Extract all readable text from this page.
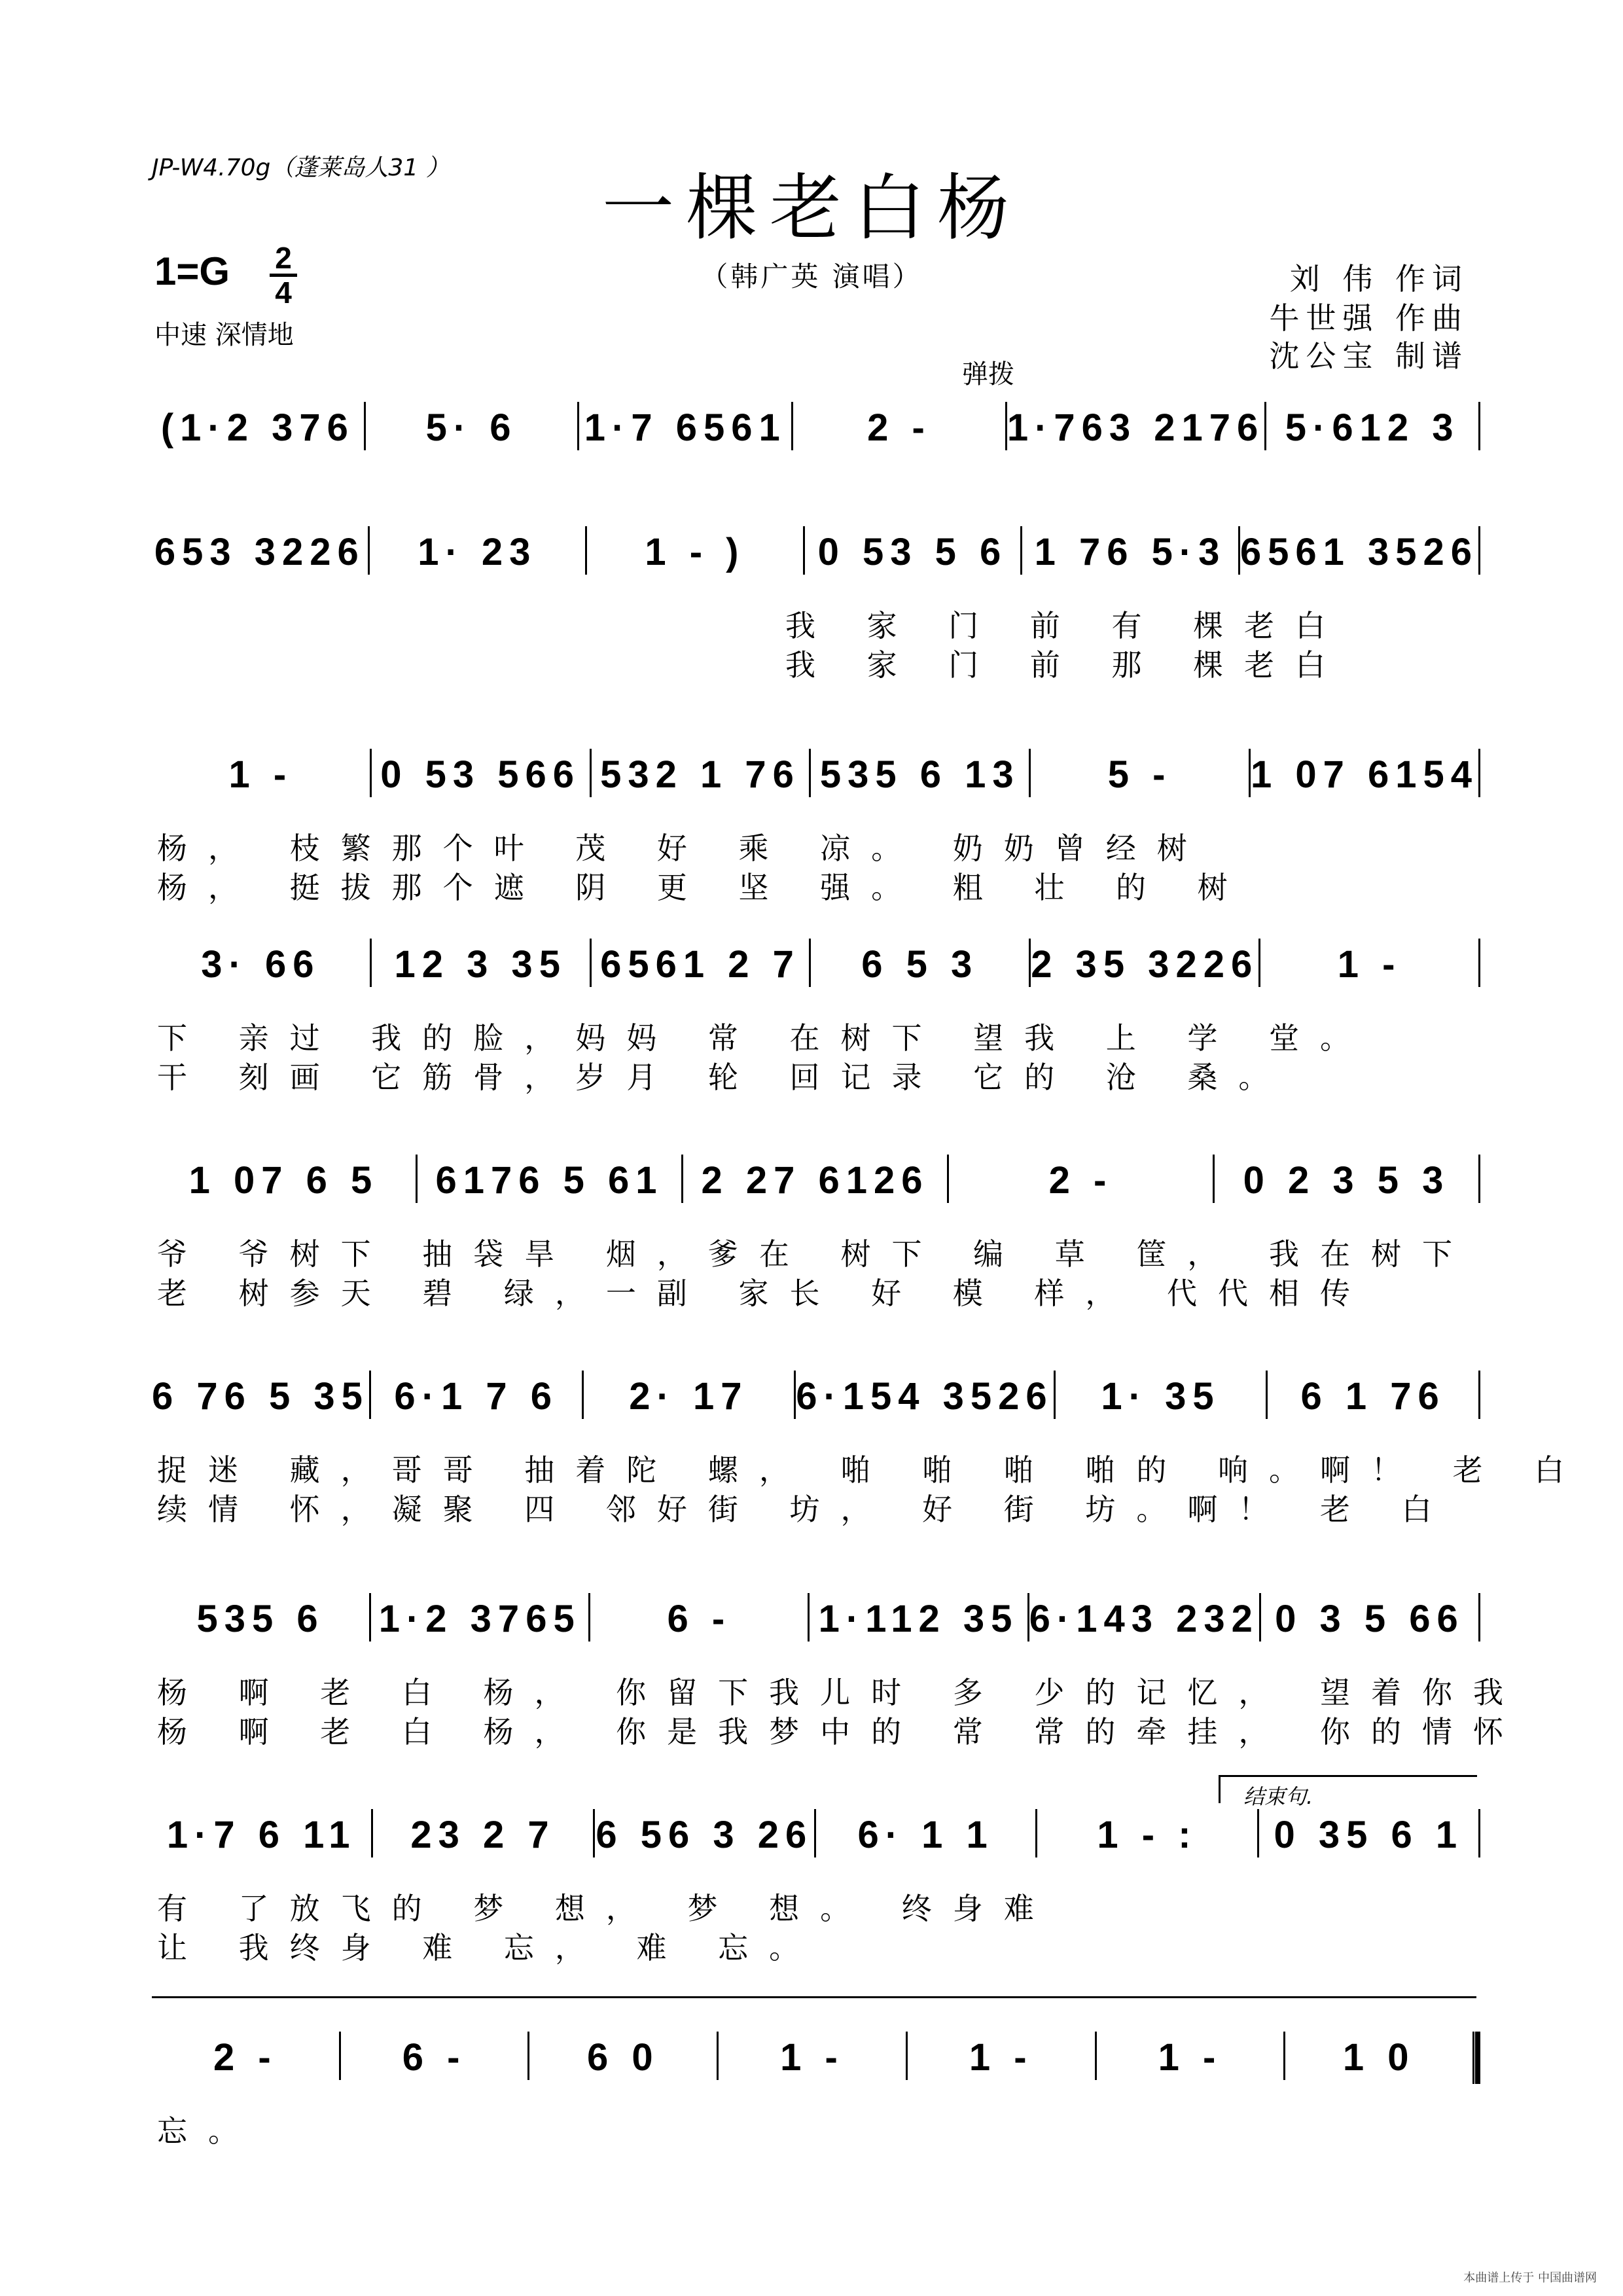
JP-W4.70g（蓬莱岛人31 ）	一棵老白杨
1=G 2
4
中速 深情地
（韩广英 演唱）	刘 伟 作词
牛世强 作曲
沈公宝 制谱
弹拨
结束句.
(1·2 376	5· 6	1·7 6561	2 -	1·763 2176 5·612 3
653 3226	1· 23	1 - )	0 53 5 6 1 76 5·3 6561 3526
我 家 门 前 有 棵老白
我 家 门 前 那 棵老白
1 -	0 53 566 532 1 76 535 6 13	5 -	1 07 6154
杨， 枝繁那个叶 茂 好 乘 凉。 奶奶曾经树
杨， 挺拔那个遮 阴 更 坚 强。 粗 壮 的 树
3· 66	12 3 35 6561 2 7	6 5 3	2 35 3226	1 -
下 亲过 我的脸，妈妈 常 在树下 望我 上 学 堂。
干 刻画 它筋骨，岁月 轮 回记录 它的 沧 桑。
1 07 6 5	6176 5 61 2 27 6126	2 -	0 2 3 5 3
爷 爷树下 抽袋旱 烟，爹在 树下 编 草 筐， 我在树下
老 树参天 碧 绿，一副 家长 好 模 样， 代代相传
6 76 5 35 6·1 7 6	2· 17	6·154 3526	1· 35	6 1 76
捉迷 藏，哥哥 抽着陀 螺， 啪 啪 啪 啪的 响。啊！ 老 白
续情 怀，凝聚 四 邻好街 坊， 好 街 坊。啊！ 老 白
535 6	1·2 3765	6 -	1·112 35 6·143 232 0 3 5 66
杨 啊 老 白 杨， 你留下我儿时 多 少的记忆， 望着你我
杨 啊 老 白 杨， 你是我梦中的 常 常的牵挂， 你的情怀
1·7 6 11	23 2 7	6 56 3 26	6· 1 1	1 - :	0 35 6 1
有 了放飞的 梦 想， 梦 想。 终身难
让 我终身 难 忘， 难 忘。
2 -	6 -	6 0	1 -	1 -	1 -	1 0
忘。
本曲谱上传于 中国曲谱网
